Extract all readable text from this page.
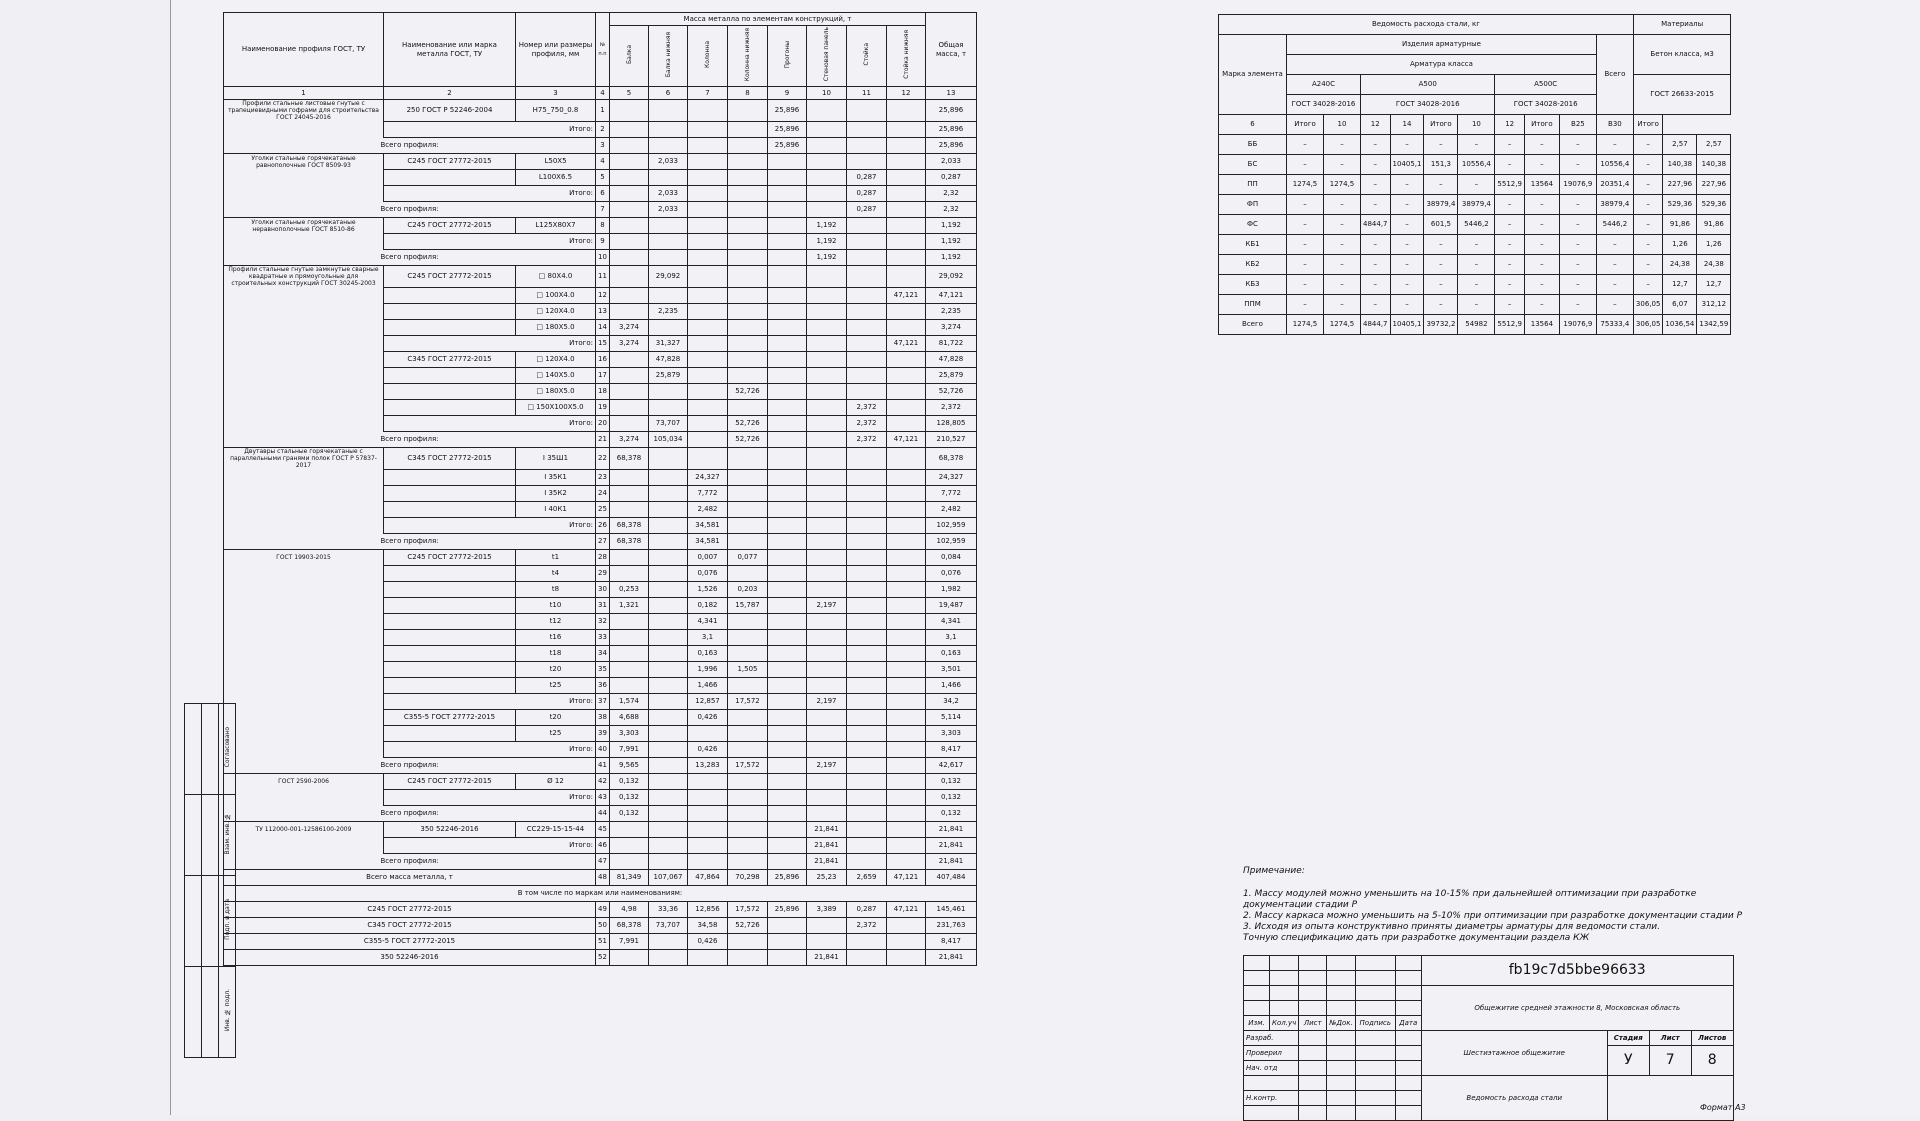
Наименование профиля ГОСТ, ТУ	Наименование или марка металла ГОСТ, ТУ	Номер или размеры профиля, мм	№ п.п	Масса металла по элементам конструкций, т								Общая масса, т
				Балка	Балка нижняя	Колонна	Колонна нижняя	Прогоны	Стеновая панель	Стойка	Стойка нижняя	
1	2	3	4	5	6	7	8	9	10	11	12	13
Профили стальные листовые гнутые с трапециевидными гофрами для строительства ГОСТ 24045-2016	250 ГОСТ Р 52246-2004	Н75_750_0.8	1					25,896				25,896
	Итого:		2					25,896				25,896
Всего профиля:			3					25,896				25,896
Уголки стальные горячекатаные равнополочные ГОСТ 8509-93	С245 ГОСТ 27772-2015	L50X5	4		2,033							2,033
		L100X6.5	5							0,287		0,287
	Итого:		6		2,033					0,287		2,32
Всего профиля:			7		2,033					0,287		2,32
Уголки стальные горячекатаные неравнополочные ГОСТ 8510-86	С245 ГОСТ 27772-2015	L125X80X7	8						1,192			1,192
	Итого:		9						1,192			1,192
Всего профиля:			10						1,192			1,192
Профили стальные гнутые замкнутые сварные квадратные и прямоугольные для строительных конструкций ГОСТ 30245-2003	С245 ГОСТ 27772-2015	□ 80X4.0	11		29,092							29,092
		□ 100X4.0	12								47,121	47,121
		□ 120X4.0	13		2,235							2,235
		□ 180X5.0	14	3,274								3,274
	Итого:		15	3,274	31,327						47,121	81,722
	С345 ГОСТ 27772-2015	□ 120X4.0	16		47,828							47,828
		□ 140X5.0	17		25,879							25,879
		□ 180X5.0	18				52,726					52,726
		□ 150X100X5.0	19							2,372		2,372
	Итого:		20		73,707		52,726			2,372		128,805
Всего профиля:			21	3,274	105,034		52,726			2,372	47,121	210,527
Двутавры стальные горячекатаные с параллельными гранями полок ГОСТ Р 57837-2017	С345 ГОСТ 27772-2015	I 35Ш1	22	68,378								68,378
		I 35К1	23			24,327						24,327
		I 35К2	24			7,772						7,772
		I 40К1	25			2,482						2,482
	Итого:		26	68,378		34,581						102,959
Всего профиля:			27	68,378		34,581						102,959
ГОСТ 19903-2015	С245 ГОСТ 27772-2015	t1	28			0,007	0,077					0,084
		t4	29			0,076						0,076
		t8	30	0,253		1,526	0,203					1,982
		t10	31	1,321		0,182	15,787		2,197			19,487
		t12	32			4,341						4,341
		t16	33			3,1						3,1
		t18	34			0,163						0,163
		t20	35			1,996	1,505					3,501
		t25	36			1,466						1,466
	Итого:		37	1,574		12,857	17,572		2,197			34,2
	С355-5 ГОСТ 27772-2015	t20	38	4,688		0,426						5,114
		t25	39	3,303								3,303
	Итого:		40	7,991		0,426						8,417
Всего профиля:			41	9,565		13,283	17,572		2,197			42,617
ГОСТ 2590-2006	С245 ГОСТ 27772-2015	Ø 12	42	0,132								0,132
	Итого:		43	0,132								0,132
Всего профиля:			44	0,132								0,132
ТУ 112000-001-12586100-2009	350 52246-2016	СС229-15-15-44	45						21,841			21,841
	Итого:		46						21,841			21,841
Всего профиля:			47						21,841			21,841
Всего масса металла, т			48	81,349	107,067	47,864	70,298	25,896	25,23	2,659	47,121	407,484
В том числе по маркам или наименованиям:												
С245 ГОСТ 27772-2015			49	4,98	33,36	12,856	17,572	25,896	3,389	0,287	47,121	145,461
С345 ГОСТ 27772-2015			50	68,378	73,707	34,58	52,726			2,372		231,763
С355-5 ГОСТ 27772-2015			51	7,991		0,426						8,417
350 52246-2016			52						21,841			21,841
Ведомость расхода стали, кг											Материалы		
Марка элемента	Изделия арматурные									Всего	Бетон класса, м3		
	Арматура класса												
	А240С		А500				А500С				ГОСТ 26633-2015		
	ГОСТ 34028-2016		ГОСТ 34028-2016				ГОСТ 34028-2016						
6	Итого	10	12	14	Итого	10	12	Итого	В25	В30	Итого		
ББ	–	–	–	–	–	–	–	–	–	–	–	2,57	2,57
БС	–	–	–	10405,1	151,3	10556,4	–	–	–	10556,4	–	140,38	140,38
ПП	1274,5	1274,5	–	–	–	–	5512,9	13564	19076,9	20351,4	–	227,96	227,96
ФП	–	–	–	–	38979,4	38979,4	–	–	–	38979,4	–	529,36	529,36
ФС	–	–	4844,7	–	601,5	5446,2	–	–	–	5446,2	–	91,86	91,86
КБ1	–	–	–	–	–	–	–	–	–	–	–	1,26	1,26
КБ2	–	–	–	–	–	–	–	–	–	–	–	24,38	24,38
КБ3	–	–	–	–	–	–	–	–	–	–	–	12,7	12,7
ППМ	–	–	–	–	–	–	–	–	–	–	306,05	6,07	312,12
Всего	1274,5	1274,5	4844,7	10405,1	39732,2	54982	5512,9	13564	19076,9	75333,4	306,05	1036,54	1342,59
Примечание:
1. Массу модулей можно уменьшить на 10-15% при дальнейшей оптимизации при разработке
документации стадии Р
2. Массу каркаса можно уменьшить на 5-10% при оптимизации при разработке документации стадии Р
3. Исходя из опыта конструктивно приняты диаметры арматуры для ведомости стали.
Точную спецификацию дать при разработке документации раздела КЖ
						fb19c7d5bbe96633			

						Общежитие средней этажности 8, Московская область			

Изм.	Кол.уч	Лист	№Док.	Подпись	Дата				
Разраб.						Шестиэтажное общежитие	Стадия	Лист	Листов
Проверил							У	7	8
Нач. отд									
						Ведомость расхода стали			
Н.контр.									

Формат А3
		Согласовано
		Взам. инв. №
		Подп. и дата
		Инв. № подл.
